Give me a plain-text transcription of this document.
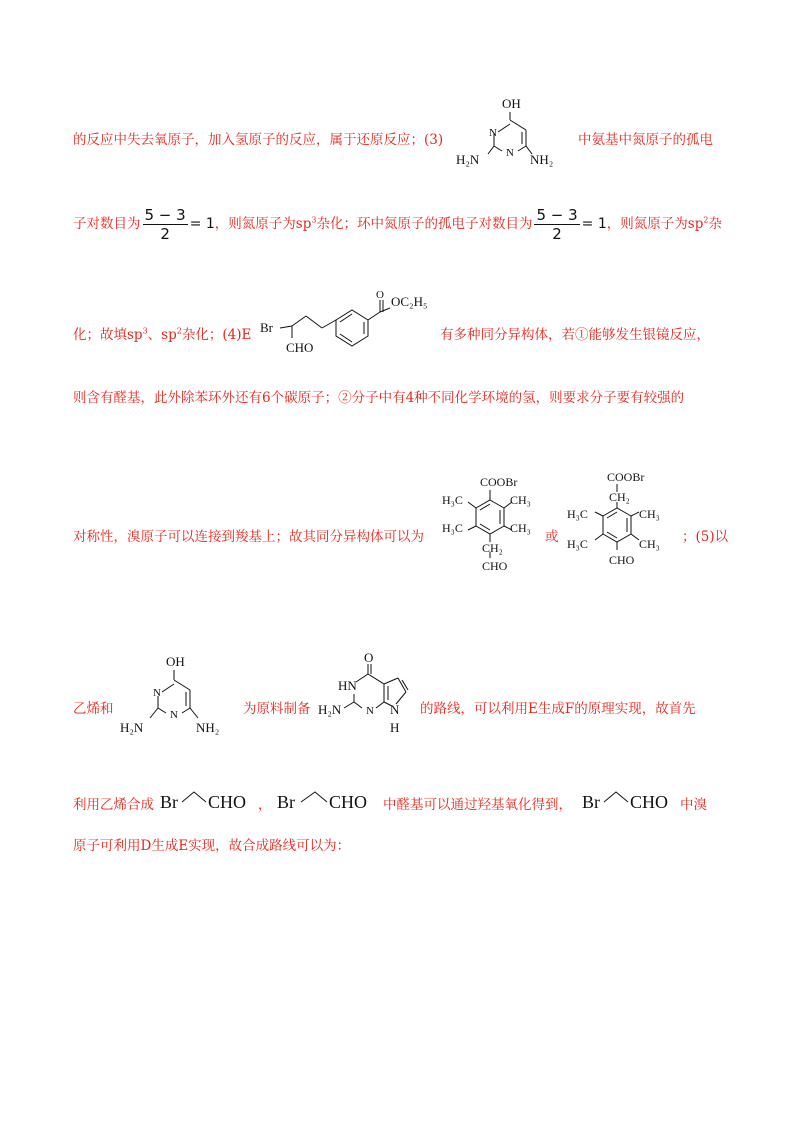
的反应中失去氧原子，加入氢原子的反应，属于还原反应；(3)	中氨基中氮原子的孤电
OH
N
N
H₂N	NH₂
子对数目为 $\frac{5 - 3}{2} = 1$，则氮原子为$sp^3$杂化；环中氮原子的孤电子对数目为 $\frac{5 - 3}{2} = 1$，则氮原子为$sp^2$杂
化；故填$sp^3$、$sp^2$杂化；(4)E	有多种同分异构体，若①能够发生银镜反应，
O OC₂H₅
Br
CHO
则含有醛基，此外除苯环外还有6个碳原子；②分子中有4种不同化学环境的氢，则要求分子要有较强的
对称性，溴原子可以连接到羧基上；故其同分异构体可以为	或	；(5)以
COOBr
H₃C	CH₃
H₃C	CH₃
CH₂
CHO
COOBr
CH₂
H₃C	CH₃
H₃C	CH₃
CHO
乙烯和	为原料制备	的路线，可以利用E生成F的原理实现，故首先
OH
N
N
H₂N	NH₂
O
HN
H₂N N N
H
利用乙烯合成	，	中醛基可以通过羟基氧化得到，	中溴
Br CHO Br CHO	Br CHO
原子可利用D生成E实现，故合成路线可以为：
